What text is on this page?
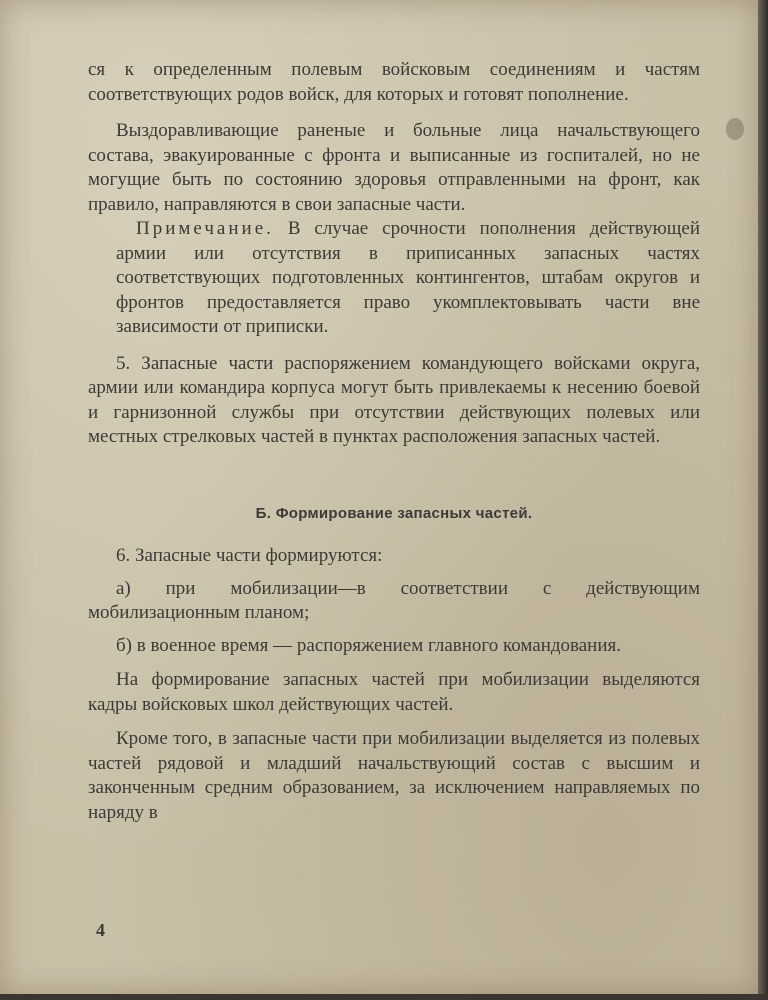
ся к определенным полевым войсковым соединениям и частям соответствующих родов войск, для которых и готовят пополнение.

Выздоравливающие раненые и больные лица начальствующего состава, эвакуированные с фронта и выписанные из госпиталей, но не могущие быть по состоянию здоровья отправленными на фронт, как правило, направляются в свои запасные части.

Примечание. В случае срочности пополнения действующей армии или отсутствия в приписанных запасных частях соответствующих подготовленных контингентов, штабам округов и фронтов предоставляется право укомплектовывать части вне зависимости от приписки.

5. Запасные части распоряжением командующего войсками округа, армии или командира корпуса могут быть привлекаемы к несению боевой и гарнизонной службы при отсутствии действующих полевых или местных стрелковых частей в пунктах расположения запасных частей.

Б. Формирование запасных частей.

6. Запасные части формируются:

а) при мобилизации—в соответствии с действующим мобилизационным планом;

б) в военное время — распоряжением главного командования.

На формирование запасных частей при мобилизации выделяются кадры войсковых школ действующих частей.

Кроме того, в запасные части при мобилизации выделяется из полевых частей рядовой и младший начальствующий состав с высшим и законченным средним образованием, за исключением направляемых по наряду в

4
